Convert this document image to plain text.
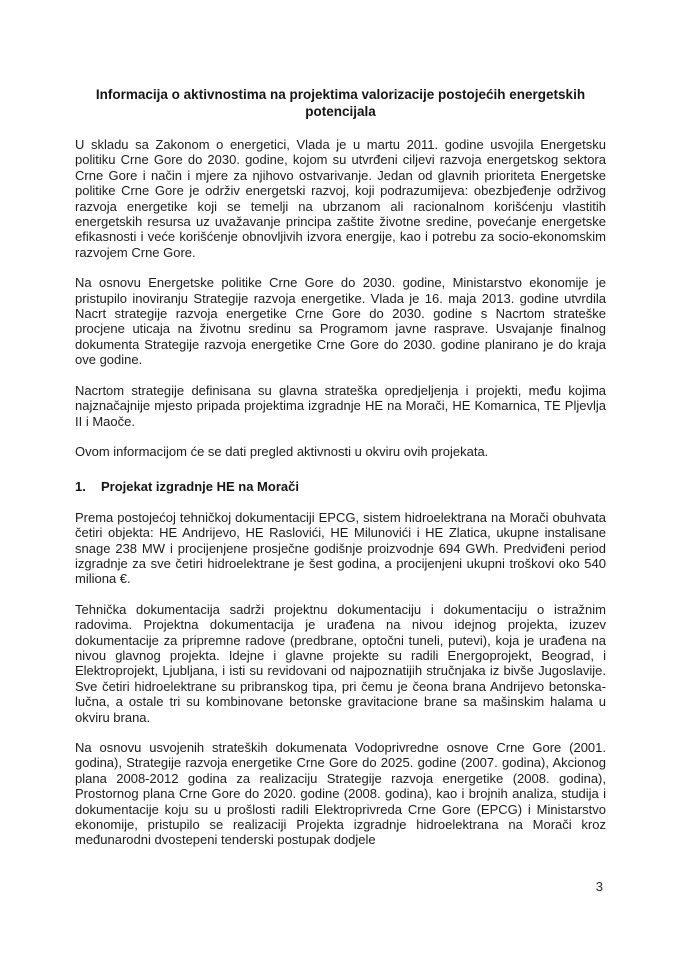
Informacija o aktivnostima na projektima valorizacije postojećih energetskih potencijala

U skladu sa Zakonom o energetici, Vlada je u martu 2011. godine usvojila Energetsku politiku Crne Gore do 2030. godine, kojom su utvrđeni ciljevi razvoja energetskog sektora Crne Gore i način i mjere za njihovo ostvarivanje. Jedan od glavnih prioriteta Energetske politike Crne Gore je održiv energetski razvoj, koji podrazumijeva: obezbjeđenje održivog razvoja energetike koji se temelji na ubrzanom ali racionalnom korišćenju vlastitih energetskih resursa uz uvažavanje principa zaštite životne sredine, povećanje energetske efikasnosti i veće korišćenje obnovljivih izvora energije, kao i potrebu za socio-ekonomskim razvojem Crne Gore.

Na osnovu Energetske politike Crne Gore do 2030. godine, Ministarstvo ekonomije je pristupilo inoviranju Strategije razvoja energetike. Vlada je 16. maja 2013. godine utvrdila Nacrt strategije razvoja energetike Crne Gore do 2030. godine s Nacrtom strateške procjene uticaja na životnu sredinu sa Programom javne rasprave. Usvajanje finalnog dokumenta Strategije razvoja energetike Crne Gore do 2030. godine planirano je do kraja ove godine.

Nacrtom strategije definisana su glavna strateška opredjeljenja i projekti, među kojima najznačajnije mjesto pripada projektima izgradnje HE na Morači, HE Komarnica, TE Pljevlja II i Maoče.

Ovom informacijom će se dati pregled aktivnosti u okviru ovih projekata.

1.	Projekat izgradnje HE na Morači

Prema postojećoj tehničkoj dokumentaciji EPCG, sistem hidroelektrana na Morači obuhvata četiri objekta: HE Andrijevo, HE Raslovići, HE Milunovići i HE Zlatica, ukupne instalisane snage 238 MW i procijenjene prosječne godišnje proizvodnje 694 GWh. Predviđeni period izgradnje za sve četiri hidroelektrane je šest godina, a procijenjeni ukupni troškovi oko 540 miliona €.

Tehnička dokumentacija sadrži projektnu dokumentaciju i dokumentaciju o istražnim radovima. Projektna dokumentacija je urađena na nivou idejnog projekta, izuzev dokumentacije za pripremne radove (predbrane, optočni tuneli, putevi), koja je urađena na nivou glavnog projekta. Idejne i glavne projekte su radili Energoprojekt, Beograd, i Elektroprojekt, Ljubljana, i isti su revidovani od najpoznatijih stručnjaka iz bivše Jugoslavije. Sve četiri hidroelektrane su pribranskog tipa, pri čemu je čeona brana Andrijevo betonska-lučna, a ostale tri su kombinovane betonske gravitacione brane sa mašinskim halama u okviru brana.

Na osnovu usvojenih strateških dokumenata Vodoprivredne osnove Crne Gore (2001. godina), Strategije razvoja energetike Crne Gore do 2025. godine (2007. godina), Akcionog plana 2008-2012 godina za realizaciju Strategije razvoja energetike (2008. godina), Prostornog plana Crne Gore do 2020. godine (2008. godina), kao i brojnih analiza, studija i dokumentacije koju su u prošlosti radili Elektroprivreda Crne Gore (EPCG) i Ministarstvo ekonomije, pristupilo se realizaciji Projekta izgradnje hidroelektrana na Morači kroz međunarodni dvostepeni tenderski postupak dodjele

3
